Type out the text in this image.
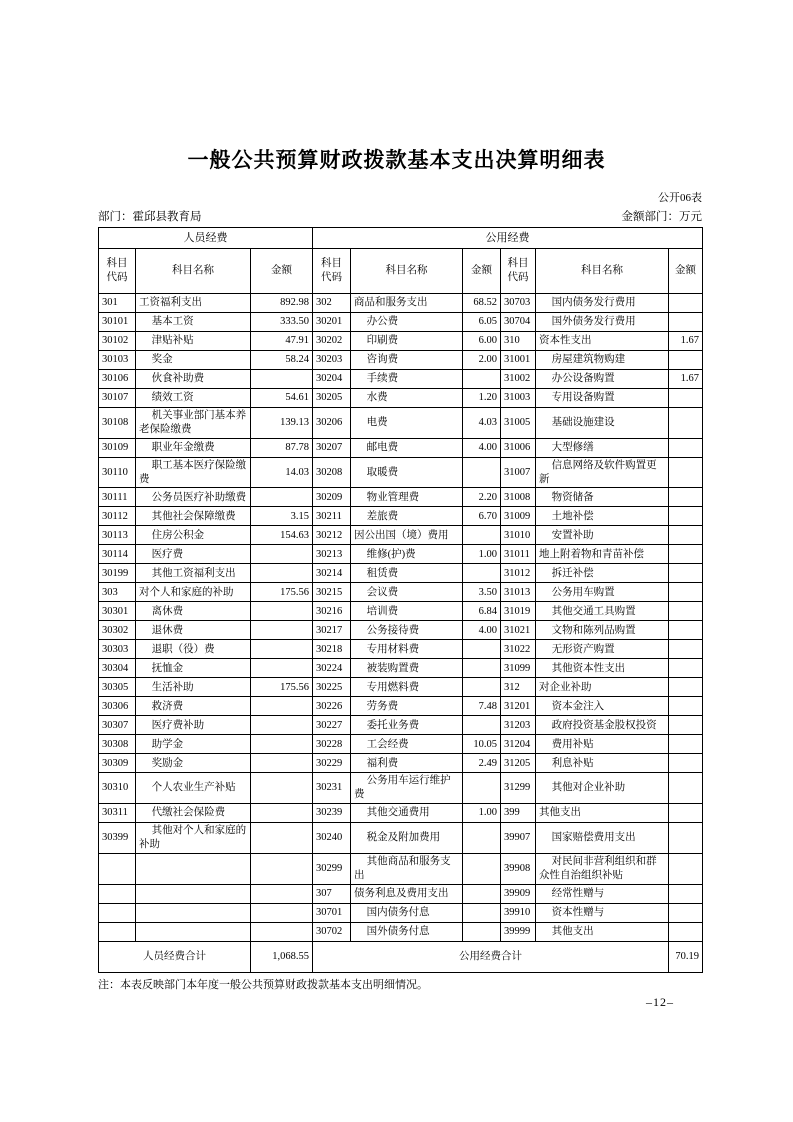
一般公共预算财政拨款基本支出决算明细表
公开06表
部门：霍邱县教育局	金额部门：万元
人员经费			公用经费					
科目代码	科目名称	金额	科目代码	科目名称	金额	科目代码	科目名称	金额
301	工资福利支出	892.98	302	商品和服务支出	68.52	30703	国内债务发行费用	
30101	基本工资	333.50	30201	办公费	6.05	30704	国外债务发行费用	
30102	津贴补贴	47.91	30202	印刷费	6.00	310	资本性支出	1.67
30103	奖金	58.24	30203	咨询费	2.00	31001	房屋建筑物购建	
30106	伙食补助费		30204	手续费		31002	办公设备购置	1.67
30107	绩效工资	54.61	30205	水费	1.20	31003	专用设备购置	
30108	机关事业部门基本养老保险缴费	139.13	30206	电费	4.03	31005	基础设施建设	
30109	职业年金缴费	87.78	30207	邮电费	4.00	31006	大型修缮	
30110	职工基本医疗保险缴费	14.03	30208	取暖费		31007	信息网络及软件购置更新	
30111	公务员医疗补助缴费		30209	物业管理费	2.20	31008	物资储备	
30112	其他社会保障缴费	3.15	30211	差旅费	6.70	31009	土地补偿	
30113	住房公积金	154.63	30212	因公出国（境）费用		31010	安置补助	
30114	医疗费		30213	维修(护)费	1.00	31011	地上附着物和青苗补偿	
30199	其他工资福利支出		30214	租赁费		31012	拆迁补偿	
303	对个人和家庭的补助	175.56	30215	会议费	3.50	31013	公务用车购置	
30301	离休费		30216	培训费	6.84	31019	其他交通工具购置	
30302	退休费		30217	公务接待费	4.00	31021	文物和陈列品购置	
30303	退职（役）费		30218	专用材料费		31022	无形资产购置	
30304	抚恤金		30224	被装购置费		31099	其他资本性支出	
30305	生活补助	175.56	30225	专用燃料费		312	对企业补助	
30306	救济费		30226	劳务费	7.48	31201	资本金注入	
30307	医疗费补助		30227	委托业务费		31203	政府投资基金股权投资	
30308	助学金		30228	工会经费	10.05	31204	费用补贴	
30309	奖励金		30229	福利费	2.49	31205	利息补贴	
30310	个人农业生产补贴		30231	公务用车运行维护费		31299	其他对企业补助	
30311	代缴社会保险费		30239	其他交通费用	1.00	399	其他支出	
30399	其他对个人和家庭的补助		30240	税金及附加费用		39907	国家赔偿费用支出	
			30299	其他商品和服务支出		39908	对民间非营利组织和群众性自治组织补贴	
			307	债务利息及费用支出		39909	经常性赠与	
			30701	国内债务付息		39910	资本性赠与	
			30702	国外债务付息		39999	其他支出	
人员经费合计		1,068.55	公用经费合计					70.19
注：本表反映部门本年度一般公共预算财政拨款基本支出明细情况。
–12–
